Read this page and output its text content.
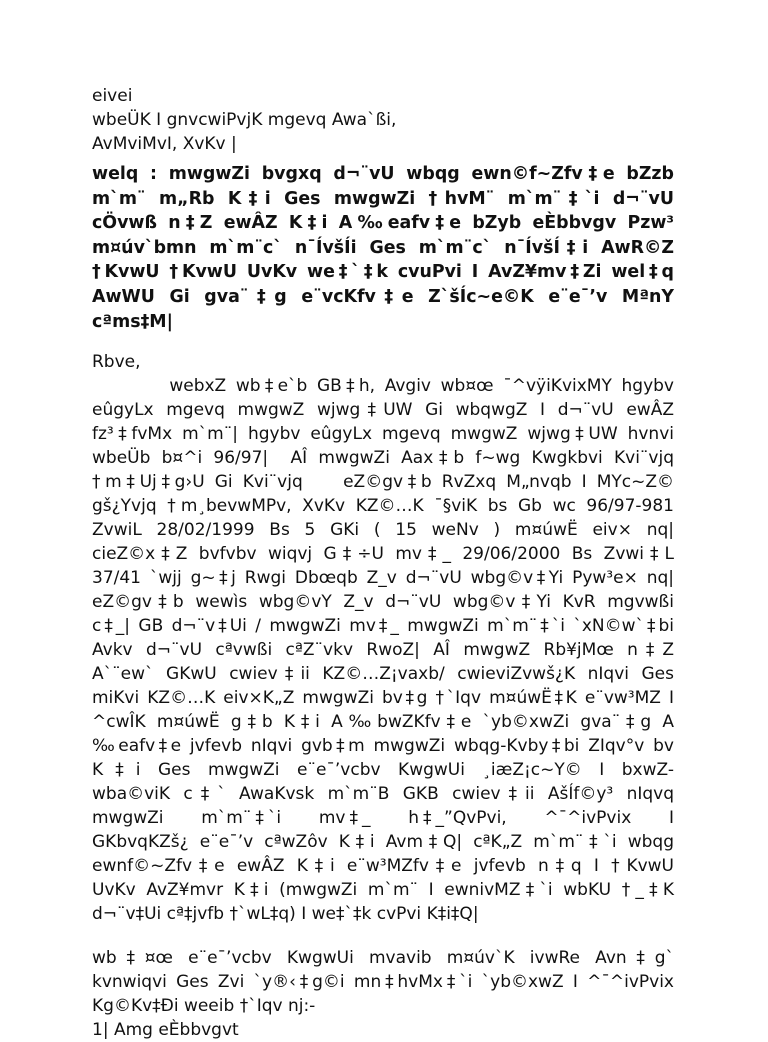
eivei
wbeÜK I gnvcwiPvjK mgevq Awa`ßi,
AvMviMvI, XvKv |
welq : mwgwZi bvgxq d¬¨vU wbqg ewn©f~Zfv‡e bZzb
m`m¨ m„Rb K‡i Ges mwgwZi †hvM¨ m`m¨‡`i d¬¨vU
cÖvwß n‡Z ewÂZ K‡i A‰eafv‡e bZyb eÈbbvgv Pzw³
m¤úv`bmn m`m¨c` n¯ÍvšÍi Ges m`m¨c` n¯ÍvšÍ‡i AwR©Z
†KvwU †KvwU UvKv we‡`‡k cvuPvi I AvZ¥mv‡Zi wel‡q
AwWU Gi gva¨‡g e¨vcKfv‡e Z`šÍc~e©K e¨e¯’v MªnY
cªms‡M|
Rbve,
webxZ wb‡e`b GB‡h, Avgiv wb¤œ ¯^vÿiKvixMY hgybv
eûgyLx mgevq mwgwZ wjwg‡UW Gi wbqwgZ I d¬¨vU ewÂZ
fz³‡fvMx m`m¨| hgybv eûgyLx mgevq mwgwZ wjwg‡UW hvnvi
wbeÜb b¤^i 96/97|  AÎ mwgwZi Aax‡b f~wg Kwgkbvi Kvi¨vjq
†m‡Uj‡g›U Gi Kvi¨vjq    eZ©gv‡b RvZxq M„nvqb I MYc~Z©
gš¿Yvjq †m¸bevwMPv, XvKv KZ©…K ¯§viK bs Gb wc 96/97-981
ZvwiL 28/02/1999 Bs 5 GKi ( 15 weNv ) m¤úwË eiv× nq|
cieZ©x‡Z bvfvbv wiqvj G‡÷U mv‡_ 29/06/2000 Bs Zvwi‡L
37/41 `wjj g~‡j Rwgi Dbœqb Z_v d¬¨vU wbg©v‡Yi Pyw³e× nq|
eZ©gv‡b wewìs wbg©vY Z_v d¬¨vU wbg©v‡Yi KvR mgvwßi
c‡_| GB d¬¨v‡Ui / mwgwZi mv‡_ mwgwZi m`m¨‡`i `xN©w`‡bi
Avkv d¬¨vU cªvwßi cªZ¨vkv RwoZ| AÎ mwgwZ Rb¥jMœ n‡Z
A`¨ew` GKwU cwiev‡ii KZ©…Z¡vaxb/ cwieviZvwš¿K nIqvi Ges
miKvi KZ©…K eiv×K„Z mwgwZi bv‡g †`Iqv m¤úwË‡K e¨vw³MZ I
^cwÎK m¤úwË g‡b K‡i A‰bwZKfv‡e `yb©xwZi gva¨‡g A
‰eafv‡e jvfevb nIqvi gvb‡m mwgwZi wbqg-Kvby‡bi ZIqv°v bv
K‡i Ges mwgwZi e¨e¯’vcbv KwgwUi ¸iæZ¡c~Y© I bxwZ-
wba©viK c‡` AwaKvsk m`m¨B GKB cwiev‡ii AšÍf©y³ nIqvq
mwgwZi    m`m¨‡`i    mv‡_    h‡_”QvPvi,    ^¯^ivPvix    I
GKbvqKZš¿ e¨e¯’v cªwZôv K‡i Avm‡Q| cªK„Z m`m¨‡`i wbqg
ewnf©~Zfv‡e ewÂZ K‡i e¨w³MZfv‡e jvfevb n‡q I †KvwU
UvKv AvZ¥mvr K‡i (mwgwZi m`m¨ I ewnivMZ‡`i wbKU †_‡K
d¬¨v‡Ui cª‡jvfb †`wL‡q) I we‡`‡k cvPvi K‡i‡Q|
wb‡¤œ e¨e¯’vcbv KwgwUi mvavib m¤úv`K ivwRe Avn‡g`
kvnwiqvi Ges Zvi `y®‹‡g©i mn‡hvMx‡`i `yb©xwZ I ^¯^ivPvix
Kg©Kv‡Ði weeib †`Iqv nj:-
1| Amg eÈbbvgvt
